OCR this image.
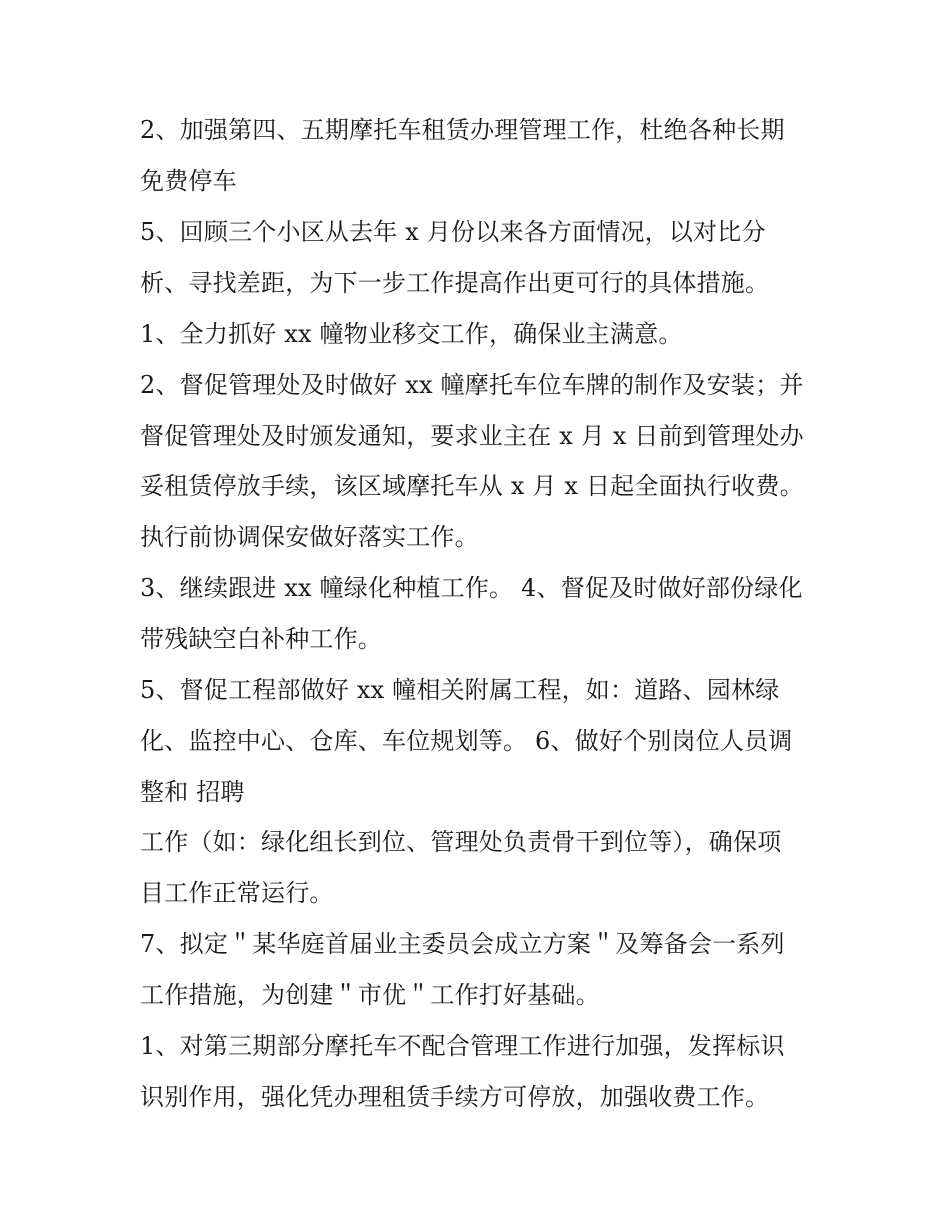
2、加强第四、五期摩托车租赁办理管理工作，杜绝各种长期
免费停车
5、回顾三个小区从去年 x 月份以来各方面情况，以对比分
析、寻找差距，为下一步工作提高作出更可行的具体措施。
1、全力抓好 xx 幢物业移交工作，确保业主满意。
2、督促管理处及时做好 xx 幢摩托车位车牌的制作及安装；并
督促管理处及时颁发通知，要求业主在 x 月 x 日前到管理处办
妥租赁停放手续，该区域摩托车从 x 月 x 日起全面执行收费。
执行前协调保安做好落实工作。
3、继续跟进 xx 幢绿化种植工作。 4、督促及时做好部份绿化
带残缺空白补种工作。
5、督促工程部做好 xx 幢相关附属工程，如：道路、园林绿
化、监控中心、仓库、车位规划等。 6、做好个别岗位人员调
整和 招聘
工作（如：绿化组长到位、管理处负责骨干到位等），确保项
目工作正常运行。
7、拟定＂某华庭首届业主委员会成立方案＂及筹备会一系列
工作措施，为创建＂市优＂工作打好基础。
1、对第三期部分摩托车不配合管理工作进行加强，发挥标识
识别作用，强化凭办理租赁手续方可停放，加强收费工作。
